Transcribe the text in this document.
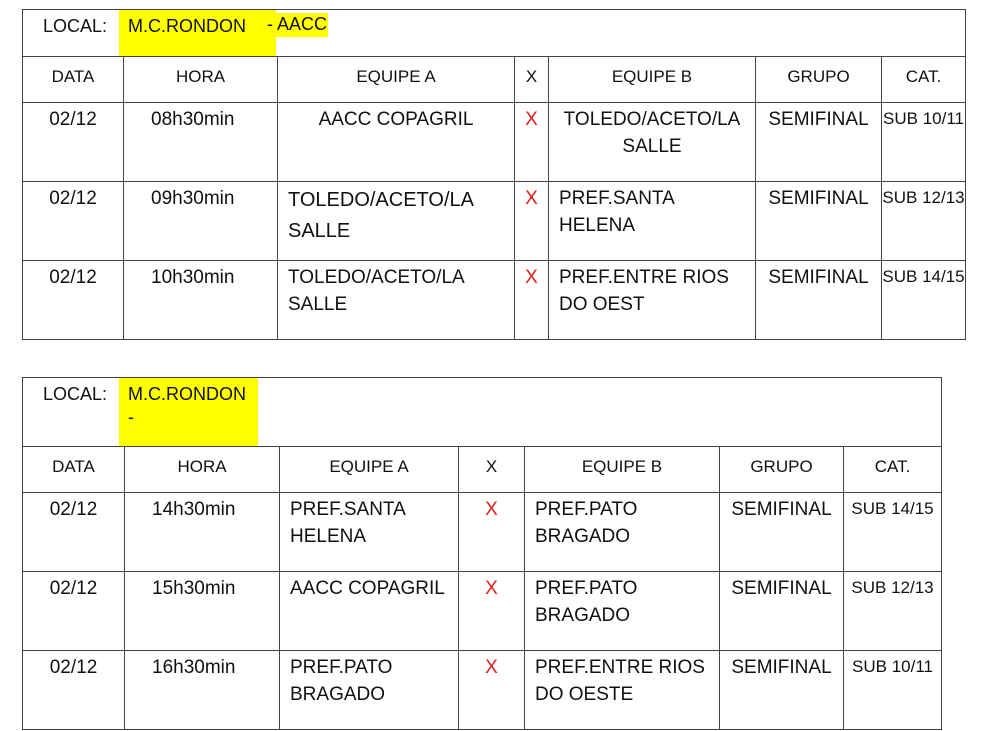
LOCAL: M.C.RONDON - AACC						

DATA	HORA	EQUIPE A	X	EQUIPE B	GRUPO	CAT.

02/12	08h30min	AACC COPAGRIL	X	TOLEDO/ACETO/LA SALLE	SEMIFINAL	SUB 10/11

02/12	09h30min	TOLEDO/ACETO/LA SALLE	X	PREF.SANTA HELENA	SEMIFINAL	SUB 12/13

02/12	10h30min	TOLEDO/ACETO/LA SALLE	X	PREF.ENTRE RIOS DO OEST	SEMIFINAL	SUB 14/15
LOCAL: M.C.RONDON
-						

DATA	HORA	EQUIPE A	X	EQUIPE B	GRUPO	CAT.

02/12	14h30min	PREF.SANTA HELENA	X	PREF.PATO BRAGADO	SEMIFINAL	SUB 14/15

02/12	15h30min	AACC COPAGRIL	X	PREF.PATO BRAGADO	SEMIFINAL	SUB 12/13

02/12	16h30min	PREF.PATO BRAGADO	X	PREF.ENTRE RIOS DO OESTE	SEMIFINAL	SUB 10/11
